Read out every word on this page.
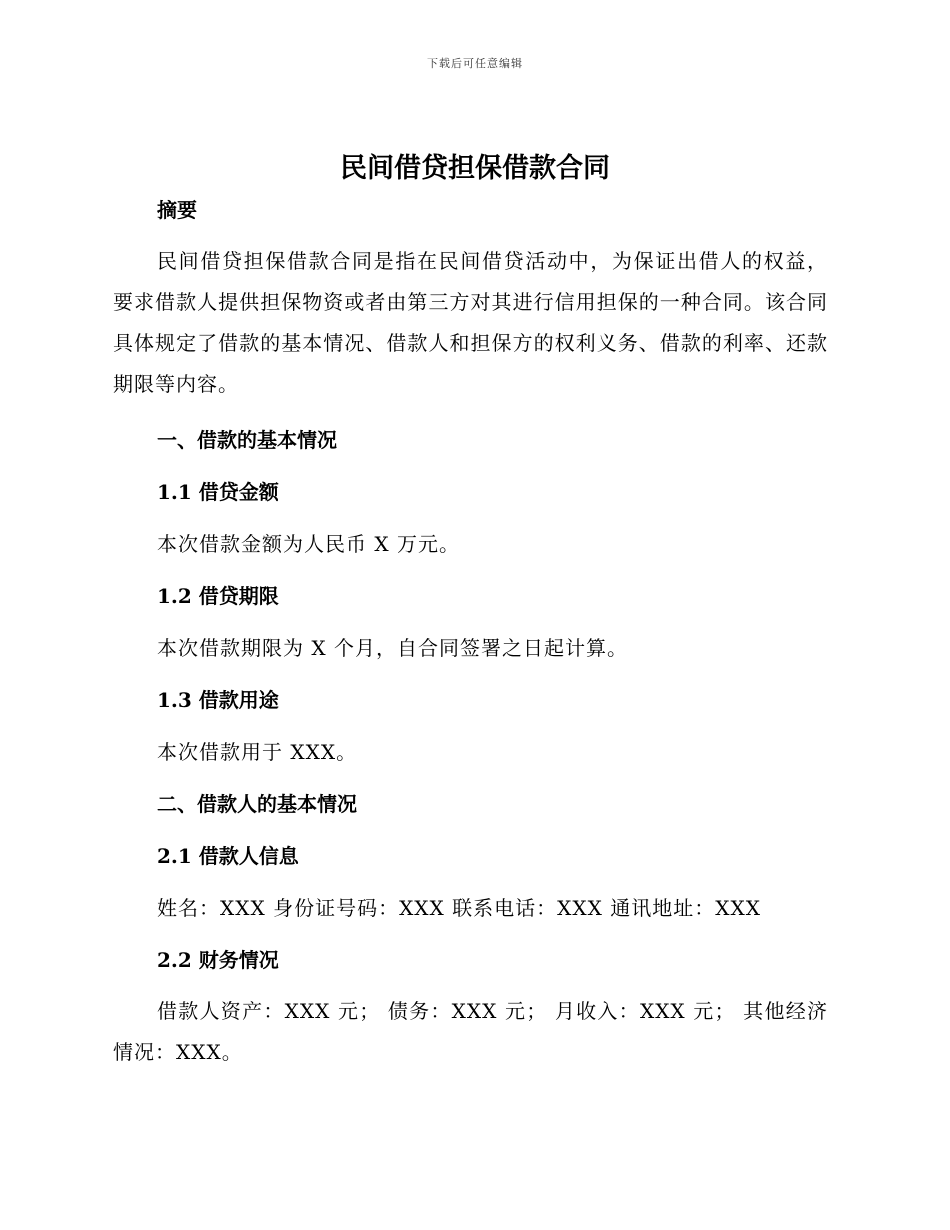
下载后可任意编辑
民间借贷担保借款合同

摘要

民间借贷担保借款合同是指在民间借贷活动中，为保证出借人的权益，要求借款人提供担保物资或者由第三方对其进行信用担保的一种合同。该合同具体规定了借款的基本情况、借款人和担保方的权利义务、借款的利率、还款期限等内容。

一、借款的基本情况

1.1 借贷金额

本次借款金额为人民币 X 万元。

1.2 借贷期限

本次借款期限为 X 个月，自合同签署之日起计算。

1.3 借款用途

本次借款用于 XXX。

二、借款人的基本情况

2.1 借款人信息

姓名：XXX 身份证号码：XXX 联系电话：XXX 通讯地址：XXX

2.2 财务情况

借款人资产：XXX 元； 债务：XXX 元； 月收入：XXX 元； 其他经济情况：XXX。
